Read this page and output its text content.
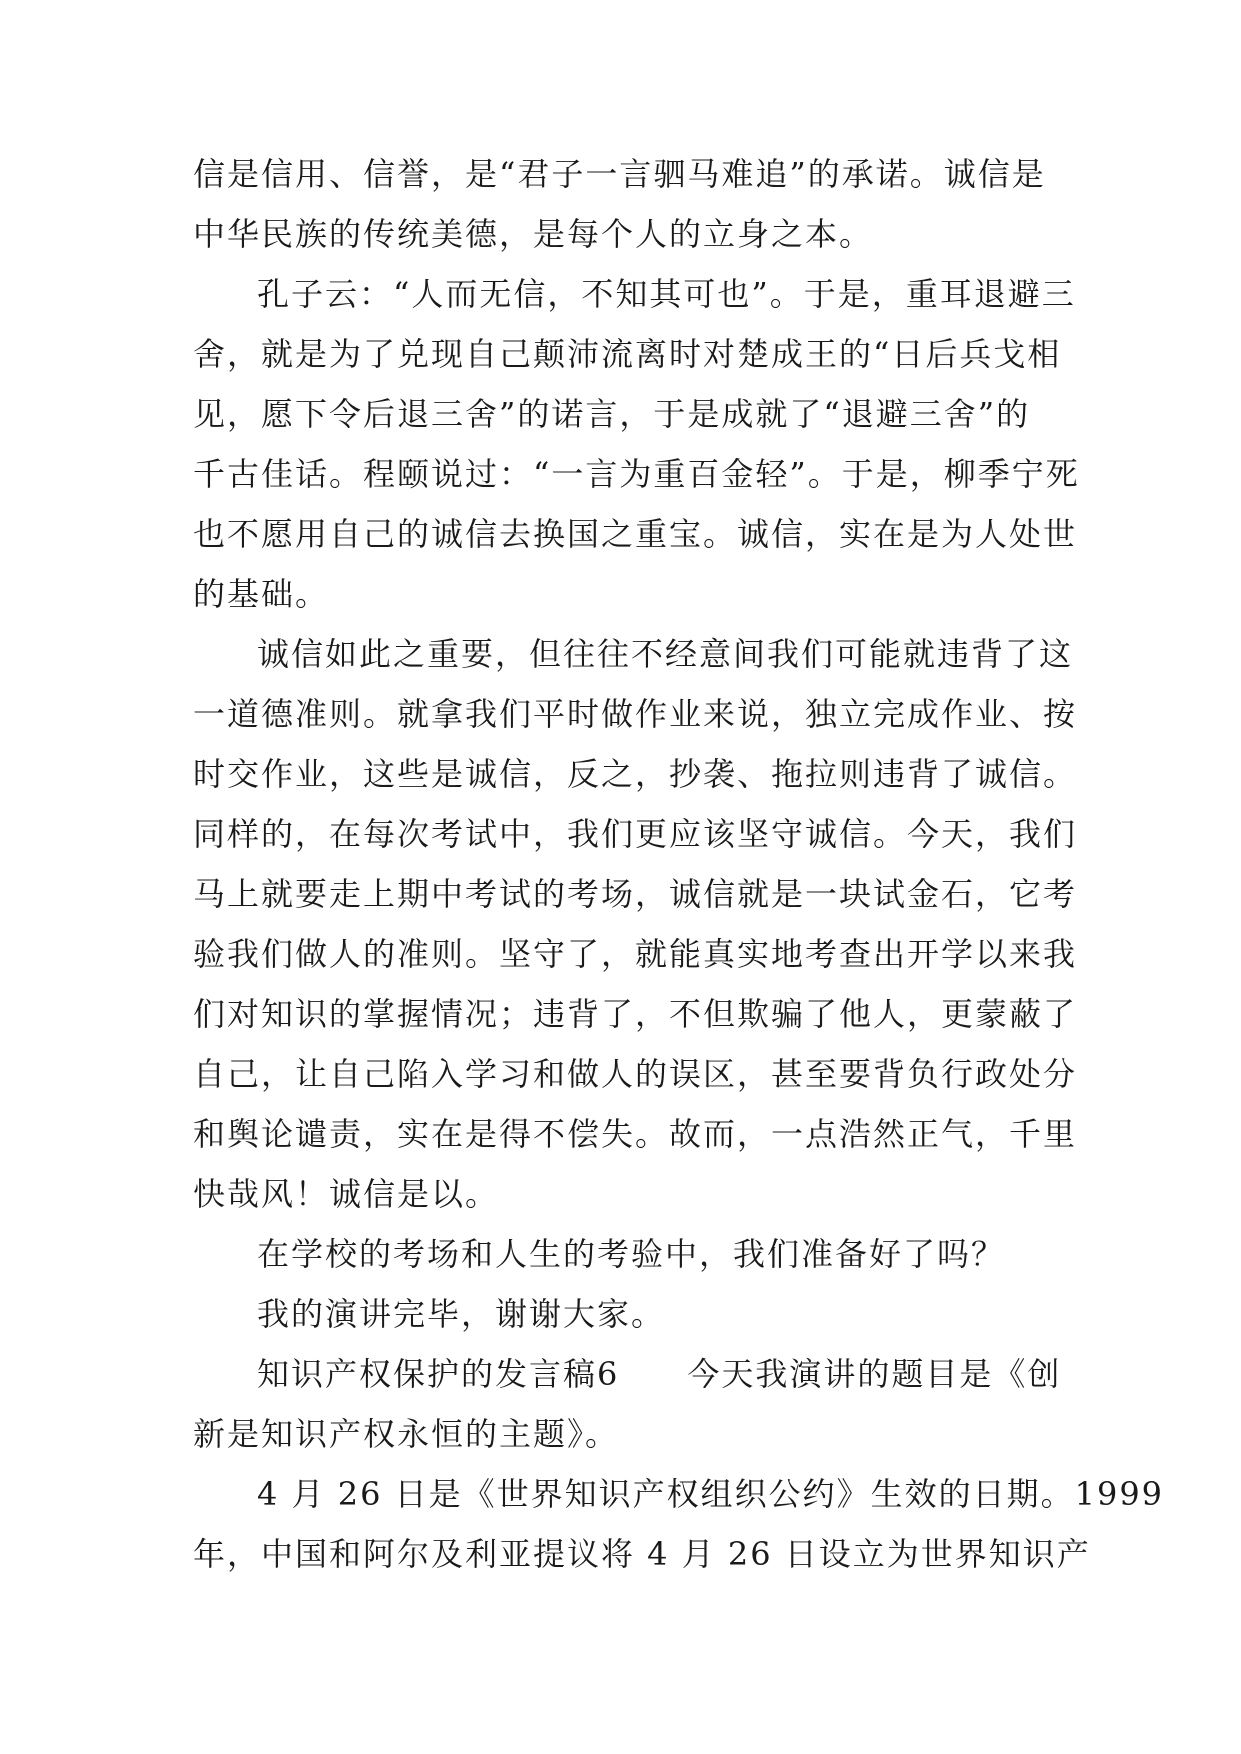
信是信用、信誉，是“君子一言驷马难追”的承诺。诚信是
中华民族的传统美德，是每个人的立身之本。
孔子云：“人而无信，不知其可也”。于是，重耳退避三
舍，就是为了兑现自己颠沛流离时对楚成王的“日后兵戈相
见，愿下令后退三舍”的诺言，于是成就了“退避三舍”的
千古佳话。程颐说过：“一言为重百金轻”。于是，柳季宁死
也不愿用自己的诚信去换国之重宝。诚信，实在是为人处世
的基础。
诚信如此之重要，但往往不经意间我们可能就违背了这
一道德准则。就拿我们平时做作业来说，独立完成作业、按
时交作业，这些是诚信，反之，抄袭、拖拉则违背了诚信。
同样的，在每次考试中，我们更应该坚守诚信。今天，我们
马上就要走上期中考试的考场，诚信就是一块试金石，它考
验我们做人的准则。坚守了，就能真实地考查出开学以来我
们对知识的掌握情况；违背了，不但欺骗了他人，更蒙蔽了
自己，让自己陷入学习和做人的误区，甚至要背负行政处分
和舆论谴责，实在是得不偿失。故而，一点浩然正气，千里
快哉风！诚信是以。
在学校的考场和人生的考验中，我们准备好了吗？
我的演讲完毕，谢谢大家。
知识产权保护的发言稿6　　今天我演讲的题目是《创
新是知识产权永恒的主题》。
4 月 26 日是《世界知识产权组织公约》生效的日期。1999
年，中国和阿尔及利亚提议将 4 月 26 日设立为世界知识产
